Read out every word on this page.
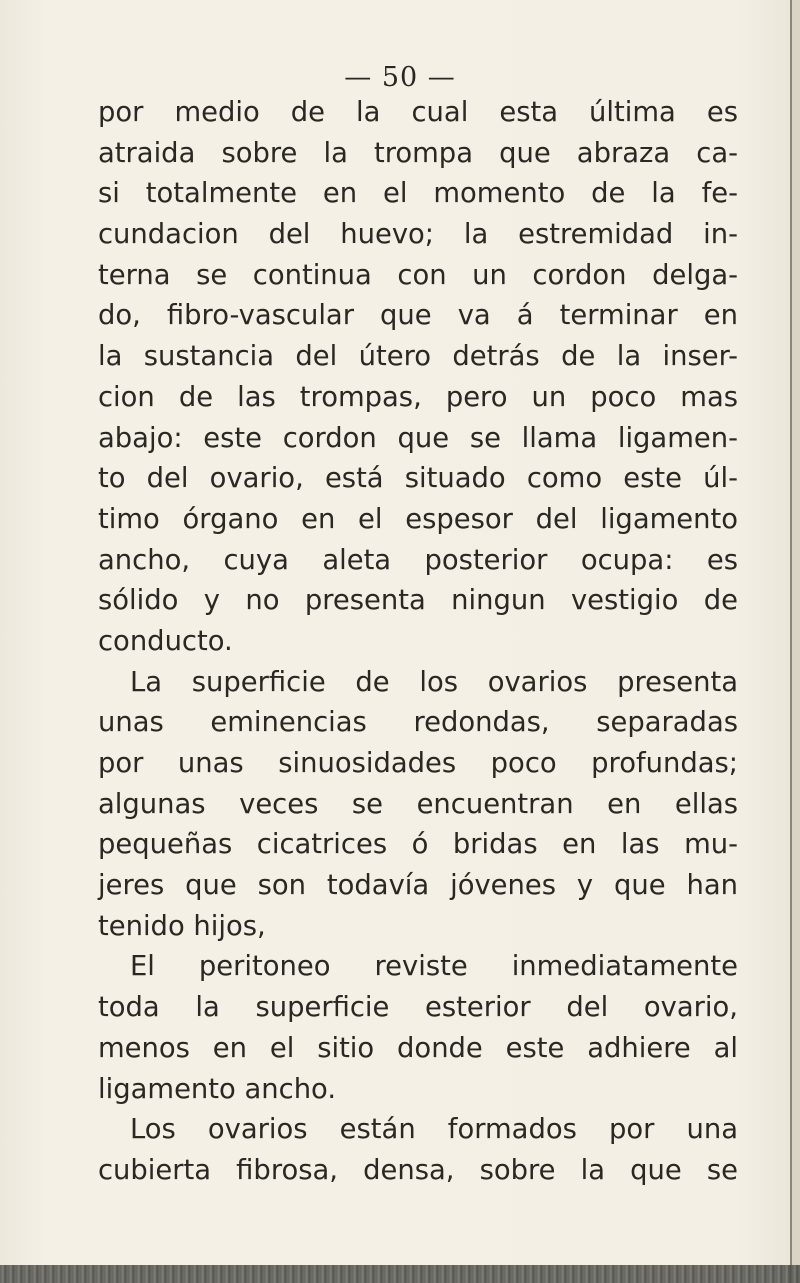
— 50 —
por medio de la cual esta última es
atraida sobre la trompa que abraza ca-
si totalmente en el momento de la fe-
cundacion del huevo; la estremidad in-
terna se continua con un cordon delga-
do, fibro-vascular que va á terminar en
la sustancia del útero detrás de la inser-
cion de las trompas, pero un poco mas
abajo: este cordon que se llama ligamen-
to del ovario, está situado como este úl-
timo órgano en el espesor del ligamento
ancho, cuya aleta posterior ocupa: es
sólido y no presenta ningun vestigio de
conducto.
La superficie de los ovarios presenta
unas eminencias redondas, separadas
por unas sinuosidades poco profundas;
algunas veces se encuentran en ellas
pequeñas cicatrices ó bridas en las mu-
jeres que son todavía jóvenes y que han
tenido hijos,
El peritoneo reviste inmediatamente
toda la superficie esterior del ovario,
menos en el sitio donde este adhiere al
ligamento ancho.
Los ovarios están formados por una
cubierta fibrosa, densa, sobre la que se
